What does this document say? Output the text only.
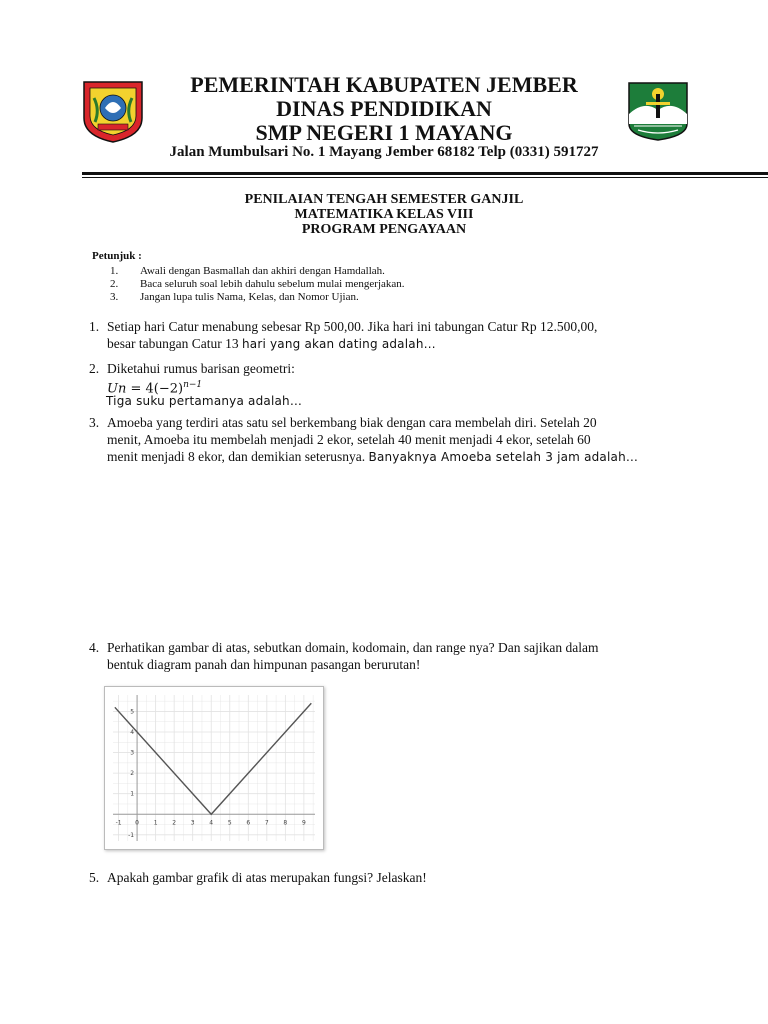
PEMERINTAH KABUPATEN JEMBER
DINAS PENDIDIKAN
SMP NEGERI 1 MAYANG
Jalan Mumbulsari No. 1 Mayang Jember 68182 Telp (0331) 591727
PENILAIAN TENGAH SEMESTER GANJIL
MATEMATIKA KELAS VIII
PROGRAM PENGAYAAN
Petunjuk :
1. Awali dengan Basmallah dan akhiri dengan Hamdallah.
2. Baca seluruh soal lebih dahulu sebelum mulai mengerjakan.
3. Jangan lupa tulis Nama, Kelas, dan Nomor Ujian.
1. Setiap hari Catur menabung sebesar Rp 500,00. Jika hari ini tabungan Catur Rp 12.500,00,
besar tabungan Catur 13 hari yang akan dating adalah…
2. Diketahui rumus barisan geometri:
$Un = 4(-2)^{n-1}$
Tiga suku pertamanya adalah…
3. Amoeba yang terdiri atas satu sel berkembang biak dengan cara membelah diri. Setelah 20
menit, Amoeba itu membelah menjadi 2 ekor, setelah 40 menit menjadi 4 ekor, setelah 60
menit menjadi 8 ekor, dan demikian seterusnya. Banyaknya Amoeba setelah 3 jam adalah…
4. Perhatikan gambar di atas, sebutkan domain, kodomain, dan range nya? Dan sajikan dalam
bentuk diagram panah dan himpunan pasangan berurutan!
-1 0 1 2 3 4 5 6 7 8 9
5
4
3
2
1
-1
5. Apakah gambar grafik di atas merupakan fungsi? Jelaskan!
